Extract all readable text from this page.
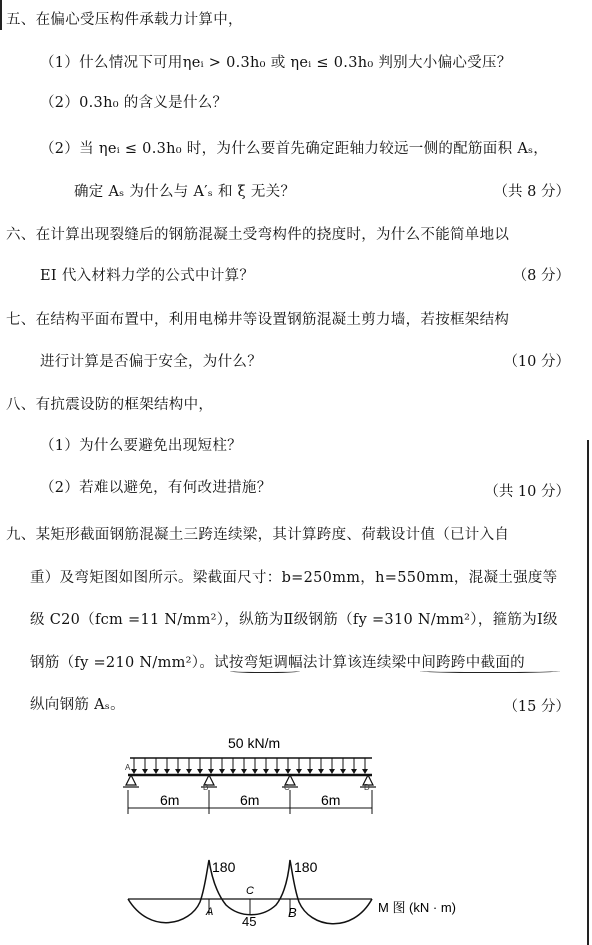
五、在偏心受压构件承载力计算中，
（1）什么情况下可用ηeᵢ > 0.3h₀ 或 ηeᵢ ≤ 0.3h₀ 判别大小偏心受压？
（2）0.3h₀ 的含义是什么？
（2）当 ηeᵢ ≤ 0.3h₀ 时，为什么要首先确定距轴力较远一侧的配筋面积 Aₛ，
确定 Aₛ 为什么与 A′ₛ 和 ξ 无关？	（共 8 分）
六、在计算出现裂缝后的钢筋混凝土受弯构件的挠度时，为什么不能简单地以
EI 代入材料力学的公式中计算？	（8 分）
七、在结构平面布置中，利用电梯井等设置钢筋混凝土剪力墙，若按框架结构
进行计算是否偏于安全，为什么？	（10 分）
八、有抗震设防的框架结构中，
（1）为什么要避免出现短柱？
（2）若难以避免，有何改进措施？	（共 10 分）
九、某矩形截面钢筋混凝土三跨连续梁，其计算跨度、荷载设计值（已计入自
重）及弯矩图如图所示。梁截面尺寸：b=250mm，h=550mm，混凝土强度等
级 C20（fcm =11 N/mm²），纵筋为Ⅱ级钢筋（fy =310 N/mm²），箍筋为Ⅰ级
钢筋（fy =210 N/mm²）。试按弯矩调幅法计算该连续梁中间跨跨中截面的
纵向钢筋 Aₛ。	（15 分）
50 kN/m
A
B	C	D
6m	6m	6m
180	180
45
A
C
B	M 图 (kN · m)
